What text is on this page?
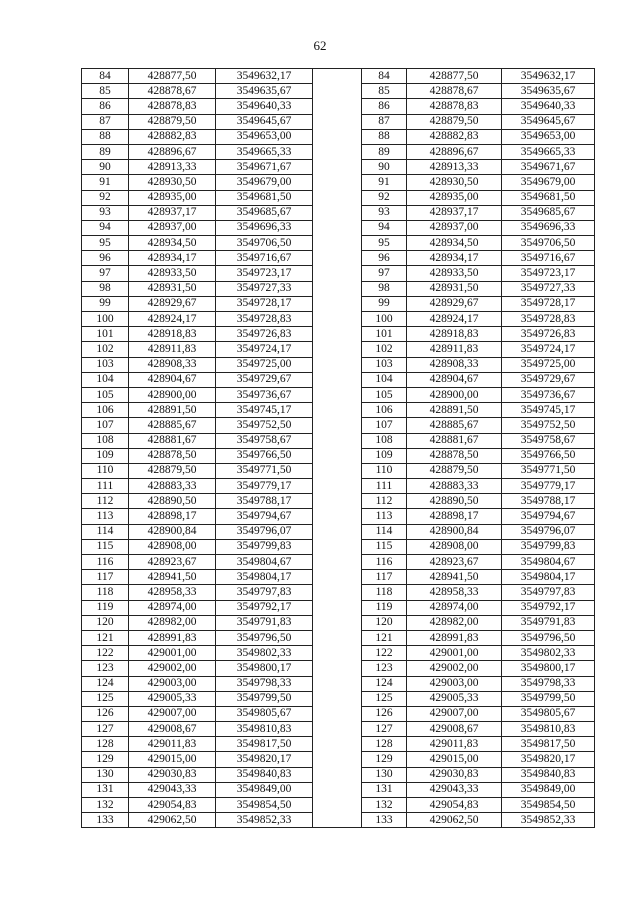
62
84	428877,50	3549632,17		84	428877,50	3549632,17
85	428878,67	3549635,67		85	428878,67	3549635,67
86	428878,83	3549640,33		86	428878,83	3549640,33
87	428879,50	3549645,67		87	428879,50	3549645,67
88	428882,83	3549653,00		88	428882,83	3549653,00
89	428896,67	3549665,33		89	428896,67	3549665,33
90	428913,33	3549671,67		90	428913,33	3549671,67
91	428930,50	3549679,00		91	428930,50	3549679,00
92	428935,00	3549681,50		92	428935,00	3549681,50
93	428937,17	3549685,67		93	428937,17	3549685,67
94	428937,00	3549696,33		94	428937,00	3549696,33
95	428934,50	3549706,50		95	428934,50	3549706,50
96	428934,17	3549716,67		96	428934,17	3549716,67
97	428933,50	3549723,17		97	428933,50	3549723,17
98	428931,50	3549727,33		98	428931,50	3549727,33
99	428929,67	3549728,17		99	428929,67	3549728,17
100	428924,17	3549728,83		100	428924,17	3549728,83
101	428918,83	3549726,83		101	428918,83	3549726,83
102	428911,83	3549724,17		102	428911,83	3549724,17
103	428908,33	3549725,00		103	428908,33	3549725,00
104	428904,67	3549729,67		104	428904,67	3549729,67
105	428900,00	3549736,67		105	428900,00	3549736,67
106	428891,50	3549745,17		106	428891,50	3549745,17
107	428885,67	3549752,50		107	428885,67	3549752,50
108	428881,67	3549758,67		108	428881,67	3549758,67
109	428878,50	3549766,50		109	428878,50	3549766,50
110	428879,50	3549771,50		110	428879,50	3549771,50
111	428883,33	3549779,17		111	428883,33	3549779,17
112	428890,50	3549788,17		112	428890,50	3549788,17
113	428898,17	3549794,67		113	428898,17	3549794,67
114	428900,84	3549796,07		114	428900,84	3549796,07
115	428908,00	3549799,83		115	428908,00	3549799,83
116	428923,67	3549804,67		116	428923,67	3549804,67
117	428941,50	3549804,17		117	428941,50	3549804,17
118	428958,33	3549797,83		118	428958,33	3549797,83
119	428974,00	3549792,17		119	428974,00	3549792,17
120	428982,00	3549791,83		120	428982,00	3549791,83
121	428991,83	3549796,50		121	428991,83	3549796,50
122	429001,00	3549802,33		122	429001,00	3549802,33
123	429002,00	3549800,17		123	429002,00	3549800,17
124	429003,00	3549798,33		124	429003,00	3549798,33
125	429005,33	3549799,50		125	429005,33	3549799,50
126	429007,00	3549805,67		126	429007,00	3549805,67
127	429008,67	3549810,83		127	429008,67	3549810,83
128	429011,83	3549817,50		128	429011,83	3549817,50
129	429015,00	3549820,17		129	429015,00	3549820,17
130	429030,83	3549840,83		130	429030,83	3549840,83
131	429043,33	3549849,00		131	429043,33	3549849,00
132	429054,83	3549854,50		132	429054,83	3549854,50
133	429062,50	3549852,33		133	429062,50	3549852,33
